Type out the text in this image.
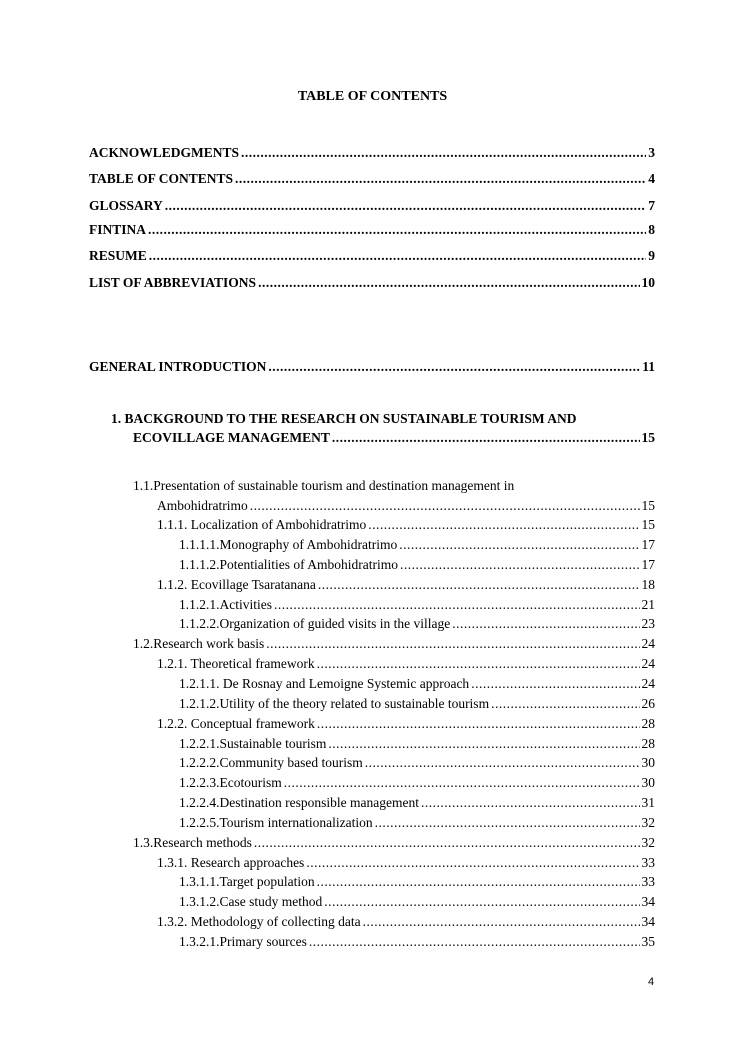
TABLE OF CONTENTS
ACKNOWLEDGMENTS .....	3
TABLE OF CONTENTS .....	4
GLOSSARY .....	7
FINTINA .....	8
RESUME .....	9
LIST OF ABBREVIATIONS .....	10
GENERAL INTRODUCTION .....	11
1. BACKGROUND TO THE RESEARCH ON SUSTAINABLE TOURISM AND
ECOVILLAGE MANAGEMENT .....	15
1.1.Presentation of sustainable tourism and destination management in
Ambohidratrimo .....	15
1.1.1. Localization of Ambohidratrimo .....	15
1.1.1.1.Monography of Ambohidratrimo .....	17
1.1.1.2.Potentialities of Ambohidratrimo .....	17
1.1.2. Ecovillage Tsaratanana .....	18
1.1.2.1.Activities .....	21
1.1.2.2.Organization of guided visits in the village .....	23
1.2.Research work basis .....	24
1.2.1. Theoretical framework .....	24
1.2.1.1. De Rosnay and Lemoigne Systemic approach .....	24
1.2.1.2.Utility of the theory related to sustainable tourism .....	26
1.2.2. Conceptual framework .....	28
1.2.2.1.Sustainable tourism .....	28
1.2.2.2.Community based tourism .....	30
1.2.2.3.Ecotourism .....	30
1.2.2.4.Destination responsible management .....	31
1.2.2.5.Tourism internationalization .....	32
1.3.Research methods .....	32
1.3.1. Research approaches .....	33
1.3.1.1.Target population .....	33
1.3.1.2.Case study method .....	34
1.3.2. Methodology of collecting data .....	34
1.3.2.1.Primary sources .....	35
4
